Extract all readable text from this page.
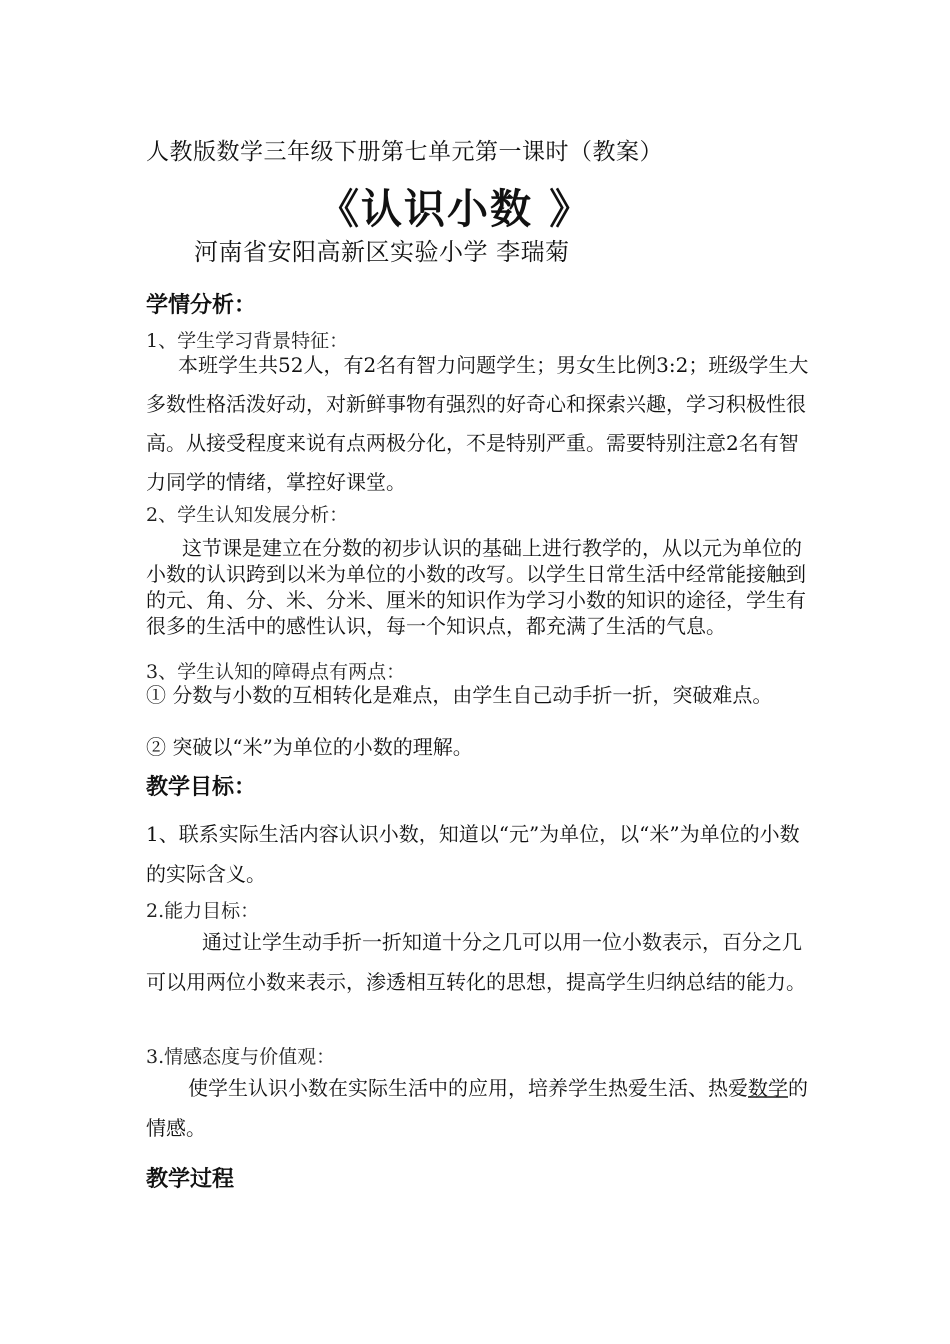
人教版数学三年级下册第七单元第一课时（教案）
《认识小数 》
河南省安阳高新区实验小学 李瑞菊
学情分析：
1、学生学习背景特征：
本班学生共52人，有2名有智力问题学生；男女生比例3:2；班级学生大多数性格活泼好动，对新鲜事物有强烈的好奇心和探索兴趣，学习积极性很高。从接受程度来说有点两极分化，不是特别严重。需要特别注意2名有智力同学的情绪，掌控好课堂。
2、学生认知发展分析：
这节课是建立在分数的初步认识的基础上进行教学的，从以元为单位的小数的认识跨到以米为单位的小数的改写。以学生日常生活中经常能接触到的元、角、分、米、分米、厘米的知识作为学习小数的知识的途径，学生有很多的生活中的感性认识，每一个知识点，都充满了生活的气息。
3、学生认知的障碍点有两点：
① 分数与小数的互相转化是难点，由学生自己动手折一折，突破难点。
② 突破以“米”为单位的小数的理解。
教学目标：
1、联系实际生活内容认识小数，知道以“元”为单位，以“米”为单位的小数的实际含义。
2.能力目标：
通过让学生动手折一折知道十分之几可以用一位小数表示，百分之几可以用两位小数来表示，渗透相互转化的思想，提高学生归纳总结的能力。
3.情感态度与价值观：
使学生认识小数在实际生活中的应用，培养学生热爱生活、热爱数学的情感。
教学过程
